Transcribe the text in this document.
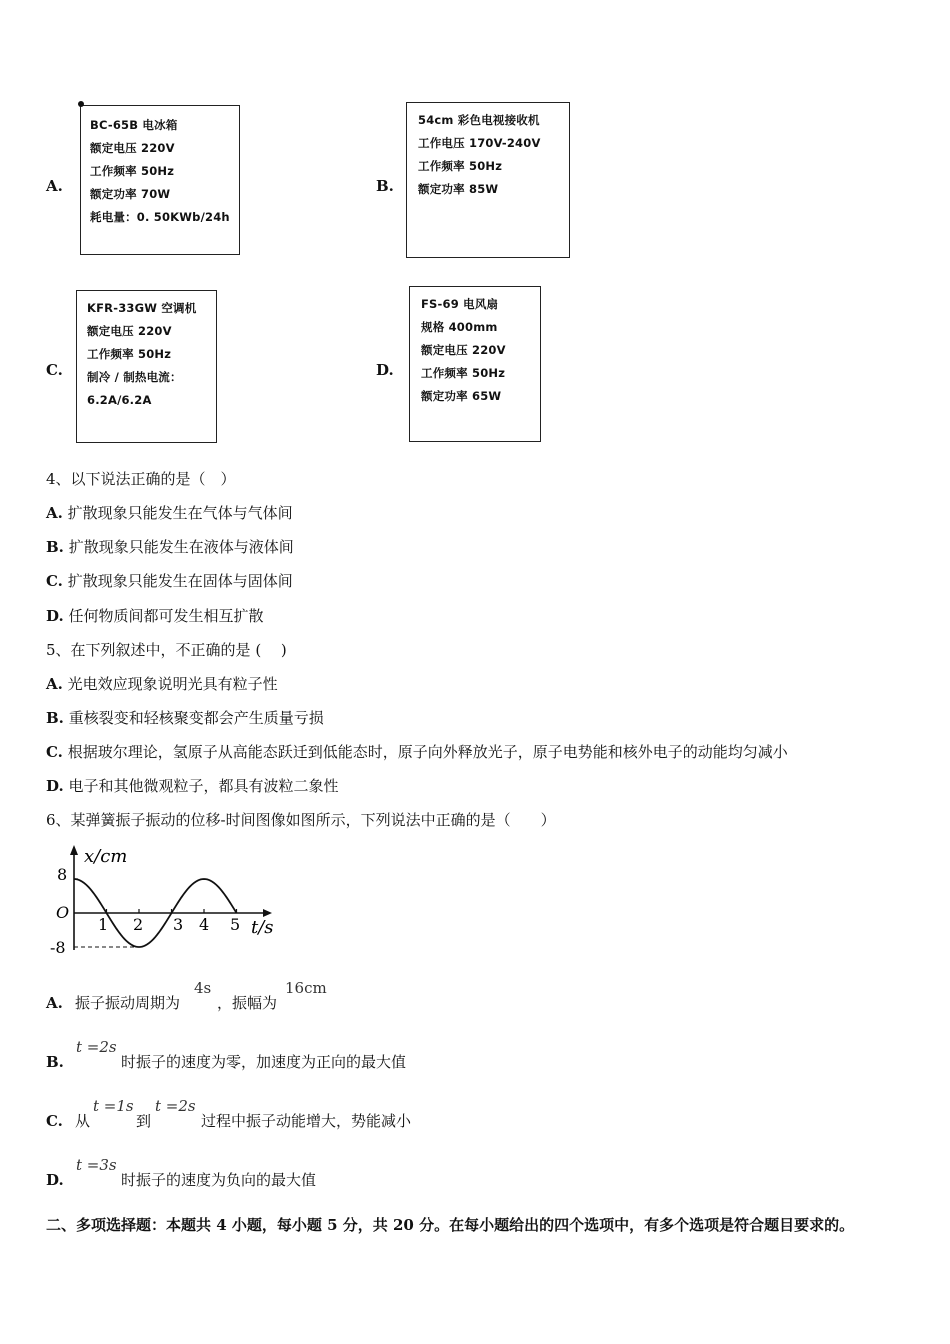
A.
BC-65B 电冰箱
额定电压 220V
工作频率 50Hz
额定功率 70W
耗电量：0. 50KWb/24h
B.
54cm 彩色电视接收机
工作电压 170V-240V
工作频率 50Hz
额定功率 85W
C.
KFR-33GW 空调机
额定电压 220V
工作频率 50Hz
制冷 / 制热电流：
6.2A/6.2A
D.
FS-69 电风扇
规格 400mm
额定电压 220V
工作频率 50Hz
额定功率 65W
4、以下说法正确的是（　）
A. 扩散现象只能发生在气体与气体间
B. 扩散现象只能发生在液体与液体间
C. 扩散现象只能发生在固体与固体间
D. 任何物质间都可发生相互扩散
5、在下列叙述中，不正确的是 (　 )
A. 光电效应现象说明光具有粒子性
B. 重核裂变和轻核聚变都会产生质量亏损
C. 根据玻尔理论，氢原子从高能态跃迁到低能态时，原子向外释放光子，原子电势能和核外电子的动能均匀减小
D. 电子和其他微观粒子，都具有波粒二象性
6、某弹簧振子振动的位移-时间图像如图所示，下列说法中正确的是（　　）
x/cm
t/s
O
8
-8
1 2 3 4 5
A. 振子振动周期为
4s
，振幅为
16cm
B.
t =2s
时振子的速度为零，加速度为正向的最大值
C. 从
t =1s
到
t =2s
过程中振子动能增大，势能减小
D.
t =3s
时振子的速度为负向的最大值
二、多项选择题：本题共 4 小题，每小题 5 分，共 20 分。在每小题给出的四个选项中，有多个选项是符合题目要求的。
